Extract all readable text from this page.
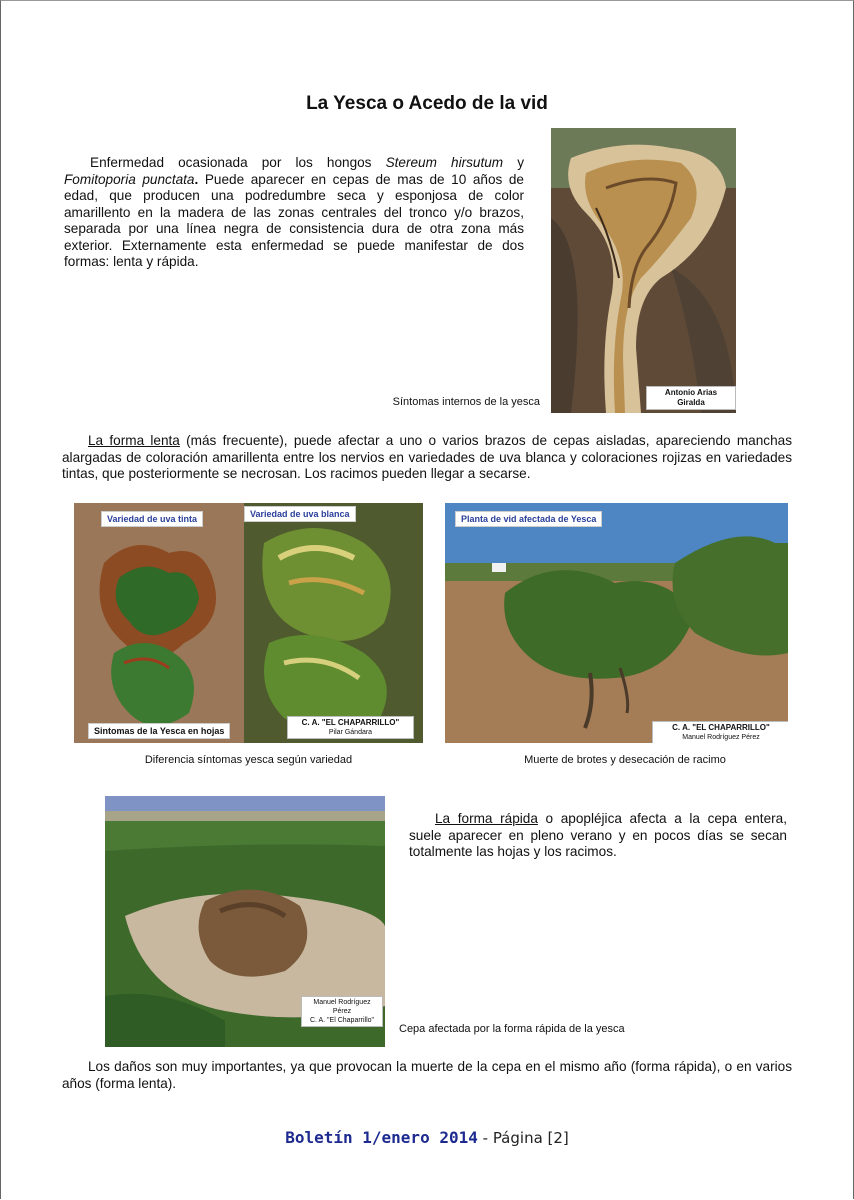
La Yesca o Acedo de la vid

Enfermedad ocasionada por los hongos Stereum hirsutum y Fomitoporia punctata. Puede aparecer en cepas de mas de 10 años de edad, que producen una podredumbre seca y esponjosa de color amarillento en la madera de las zonas centrales del tronco y/o brazos, separada por una línea negra de consistencia dura de otra zona más exterior. Externamente esta enfermedad se puede manifestar de dos formas: lenta y rápida.

Antonio Arias Giralda
Síntomas internos de la yesca

La forma lenta (más frecuente), puede afectar a uno o varios brazos de cepas aisladas, apareciendo manchas alargadas de coloración amarillenta entre los nervios en variedades de uva blanca y coloraciones rojizas en variedades tintas, que posteriormente se necrosan. Los racimos pueden llegar a secarse.

Variedad de uva tinta	Variedad de uva blanca
Sintomas de la Yesca en hojas
C. A. "EL CHAPARRILLO"
Pilar Gándara
Diferencia síntomas yesca según variedad
Planta de vid afectada de Yesca
C. A. "EL CHAPARRILLO"
Manuel Rodríguez Pérez
Muerte de brotes y desecación de racimo
Manuel Rodríguez Pérez
C. A. "El Chaparrillo"

La forma rápida o apopléjica afecta a la cepa entera, suele aparecer en pleno verano y en pocos días se secan totalmente las hojas y los racimos.

Cepa afectada por la forma rápida de la yesca

Los daños son muy importantes, ya que provocan la muerte de la cepa en el mismo año (forma rápida), o en varios años (forma lenta).

Boletín 1/enero 2014 - Página [2]
